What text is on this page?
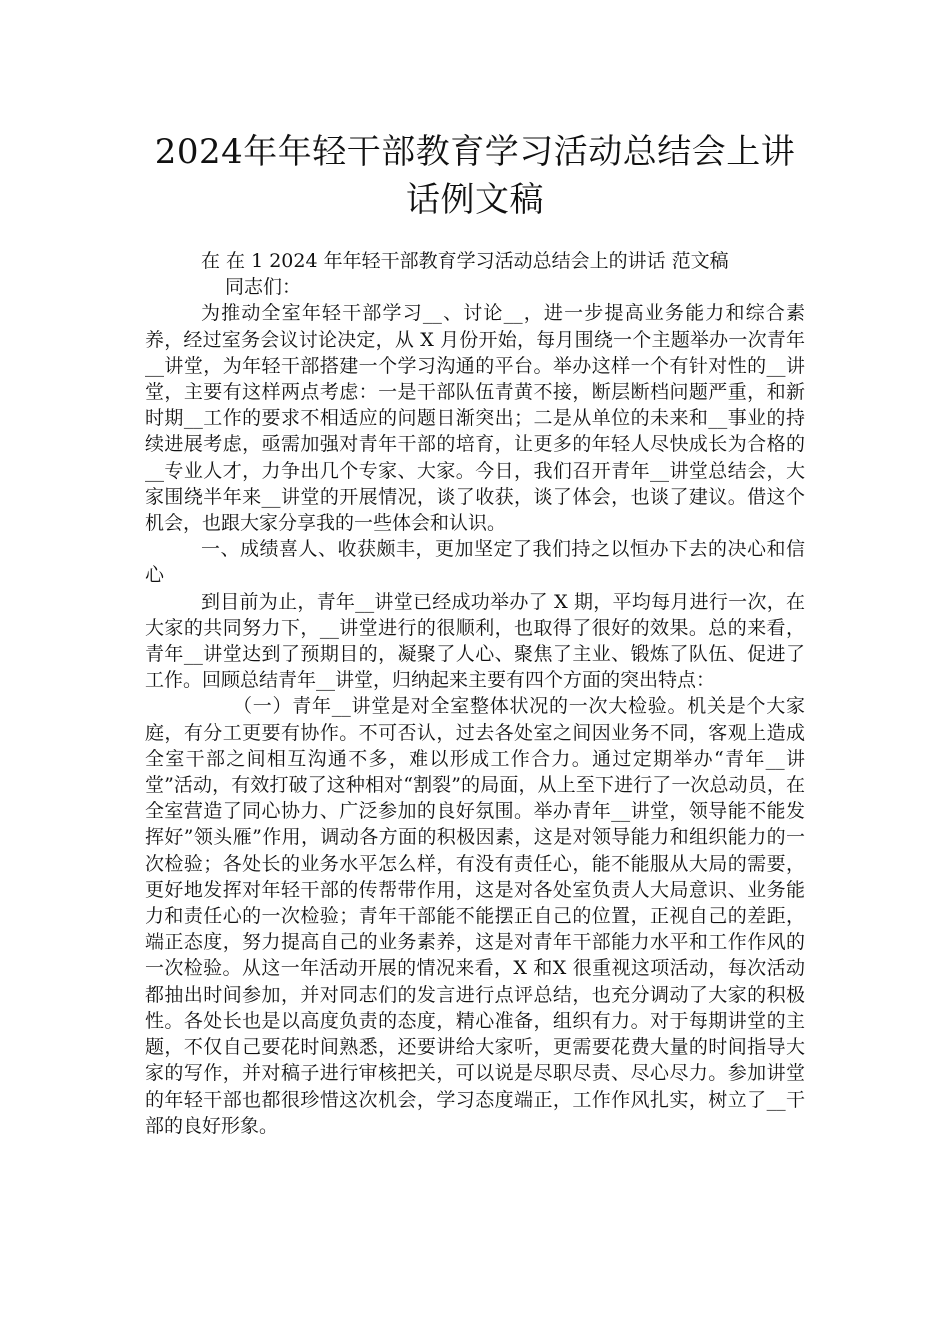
2024年年轻干部教育学习活动总结会上讲话例文稿

在 在 1 2024 年年轻干部教育学习活动总结会上的讲话 范文稿

同志们：

为推动全室年轻干部学习__、讨论__，进一步提高业务能力和综合素养，经过室务会议讨论决定，从 X 月份开始，每月围绕一个主题举办一次青年__讲堂，为年轻干部搭建一个学习沟通的平台。举办这样一个有针对性的__讲堂，主要有这样两点考虑：一是干部队伍青黄不接，断层断档问题严重，和新时期__工作的要求不相适应的问题日渐突出；二是从单位的未来和__事业的持续进展考虑，亟需加强对青年干部的培育，让更多的年轻人尽快成长为合格的__专业人才，力争出几个专家、大家。今日，我们召开青年__讲堂总结会，大家围绕半年来__讲堂的开展情况，谈了收获，谈了体会，也谈了建议。借这个机会，也跟大家分享我的一些体会和认识。

一、成绩喜人、收获颇丰，更加坚定了我们持之以恒办下去的决心和信心

到目前为止，青年__讲堂已经成功举办了 X 期，平均每月进行一次，在大家的共同努力下，__讲堂进行的很顺利，也取得了很好的效果。总的来看，青年__讲堂达到了预期目的，凝聚了人心、聚焦了主业、锻炼了队伍、促进了工作。回顾总结青年__讲堂，归纳起来主要有四个方面的突出特点：

（一）青年__讲堂是对全室整体状况的一次大检验。机关是个大家庭，有分工更要有协作。不可否认，过去各处室之间因业务不同，客观上造成全室干部之间相互沟通不多，难以形成工作合力。通过定期举办“青年__讲堂”活动，有效打破了这种相对“割裂”的局面，从上至下进行了一次总动员，在全室营造了同心协力、广泛参加的良好氛围。举办青年__讲堂，领导能不能发挥好”领头雁”作用，调动各方面的积极因素，这是对领导能力和组织能力的一次检验；各处长的业务水平怎么样，有没有责任心，能不能服从大局的需要，更好地发挥对年轻干部的传帮带作用，这是对各处室负责人大局意识、业务能力和责任心的一次检验；青年干部能不能摆正自己的位置，正视自己的差距，端正态度，努力提高自己的业务素养，这是对青年干部能力水平和工作作风的一次检验。从这一年活动开展的情况来看，X 和X 很重视这项活动，每次活动都抽出时间参加，并对同志们的发言进行点评总结，也充分调动了大家的积极性。各处长也是以高度负责的态度，精心准备，组织有力。对于每期讲堂的主题，不仅自己要花时间熟悉，还要讲给大家听，更需要花费大量的时间指导大家的写作，并对稿子进行审核把关，可以说是尽职尽责、尽心尽力。参加讲堂的年轻干部也都很珍惜这次机会，学习态度端正，工作作风扎实，树立了__干部的良好形象。
